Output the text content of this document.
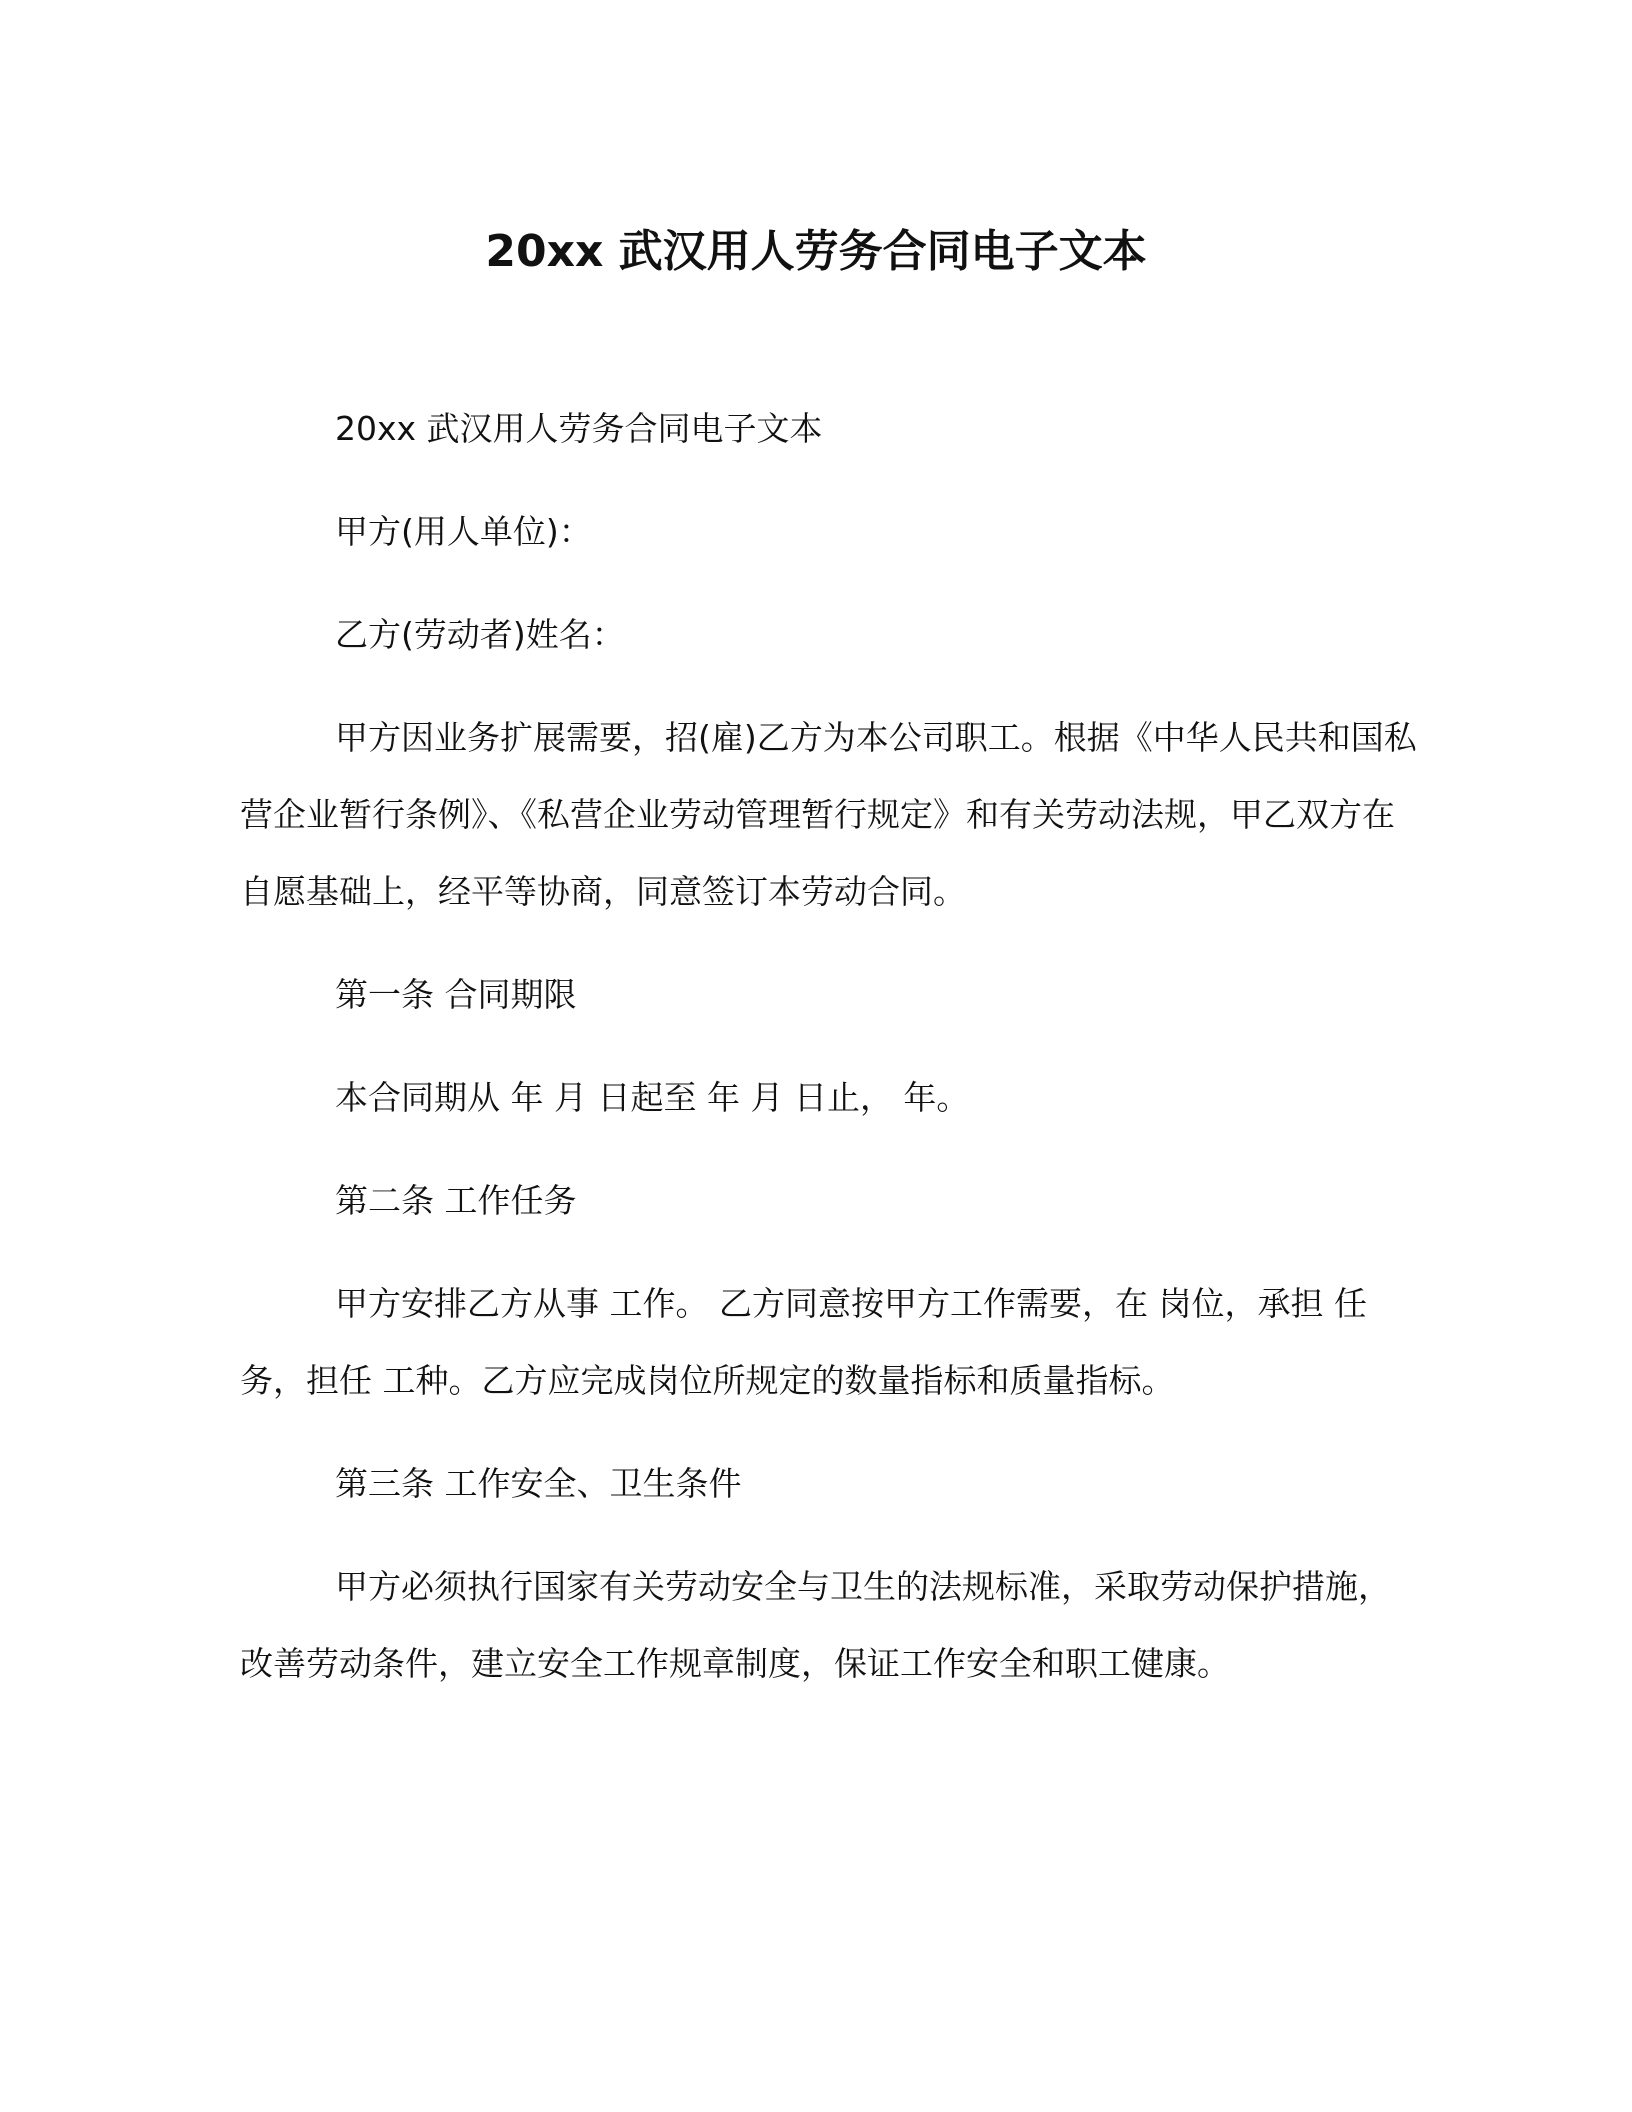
20xx 武汉用人劳务合同电子文本

20xx 武汉用人劳务合同电子文本

甲方(用人单位)：

乙方(劳动者)姓名：

甲方因业务扩展需要，招(雇)乙方为本公司职工。根据《中华人民共和国私营企业暂行条例》、《私营企业劳动管理暂行规定》和有关劳动法规，甲乙双方在自愿基础上，经平等协商，同意签订本劳动合同。

第一条 合同期限

本合同期从 年 月 日起至 年 月 日止， 年。

第二条 工作任务

甲方安排乙方从事 工作。 乙方同意按甲方工作需要，在 岗位，承担 任务，担任 工种。乙方应完成岗位所规定的数量指标和质量指标。

第三条 工作安全、卫生条件

甲方必须执行国家有关劳动安全与卫生的法规标准，采取劳动保护措施，改善劳动条件，建立安全工作规章制度，保证工作安全和职工健康。
